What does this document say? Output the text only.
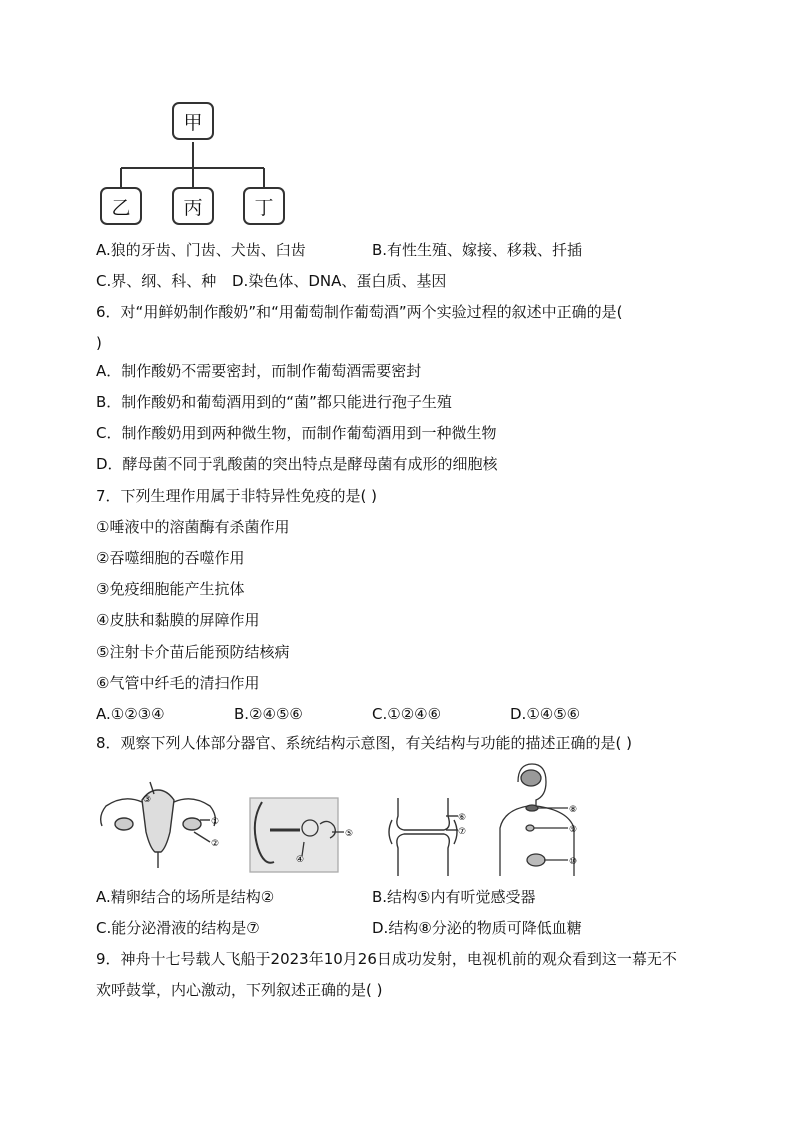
甲
乙	丙	丁
A.狼的牙齿、门齿、犬齿、臼齿	B.有性生殖、嫁接、移栽、扦插
C.界、纲、科、种 D.染色体、DNA、蛋白质、基因
6．对“用鲜奶制作酸奶”和“用葡萄制作葡萄酒”两个实验过程的叙述中正确的是(
)
A．制作酸奶不需要密封，而制作葡萄酒需要密封
B．制作酸奶和葡萄酒用到的“菌”都只能进行孢子生殖
C．制作酸奶用到两种微生物，而制作葡萄酒用到一种微生物
D．酵母菌不同于乳酸菌的突出特点是酵母菌有成形的细胞核
7．下列生理作用属于非特异性免疫的是( )
①唾液中的溶菌酶有杀菌作用
②吞噬细胞的吞噬作用
③免疫细胞能产生抗体
④皮肤和黏膜的屏障作用
⑤注射卡介苗后能预防结核病
⑥气管中纤毛的清扫作用
A.①②③④	B.②④⑤⑥	C.①②④⑥	D.①④⑤⑥
8．观察下列人体部分器官、系统结构示意图，有关结构与功能的描述正确的是( )
③
①
②
⑤
④
⑥
⑦
⑧
⑨
⑩
A.精卵结合的场所是结构②	B.结构⑤内有听觉感受器
C.能分泌滑液的结构是⑦	D.结构⑧分泌的物质可降低血糖
9．神舟十七号载人飞船于2023年10月26日成功发射，电视机前的观众看到这一幕无不
欢呼鼓掌，内心激动，下列叙述正确的是( )
